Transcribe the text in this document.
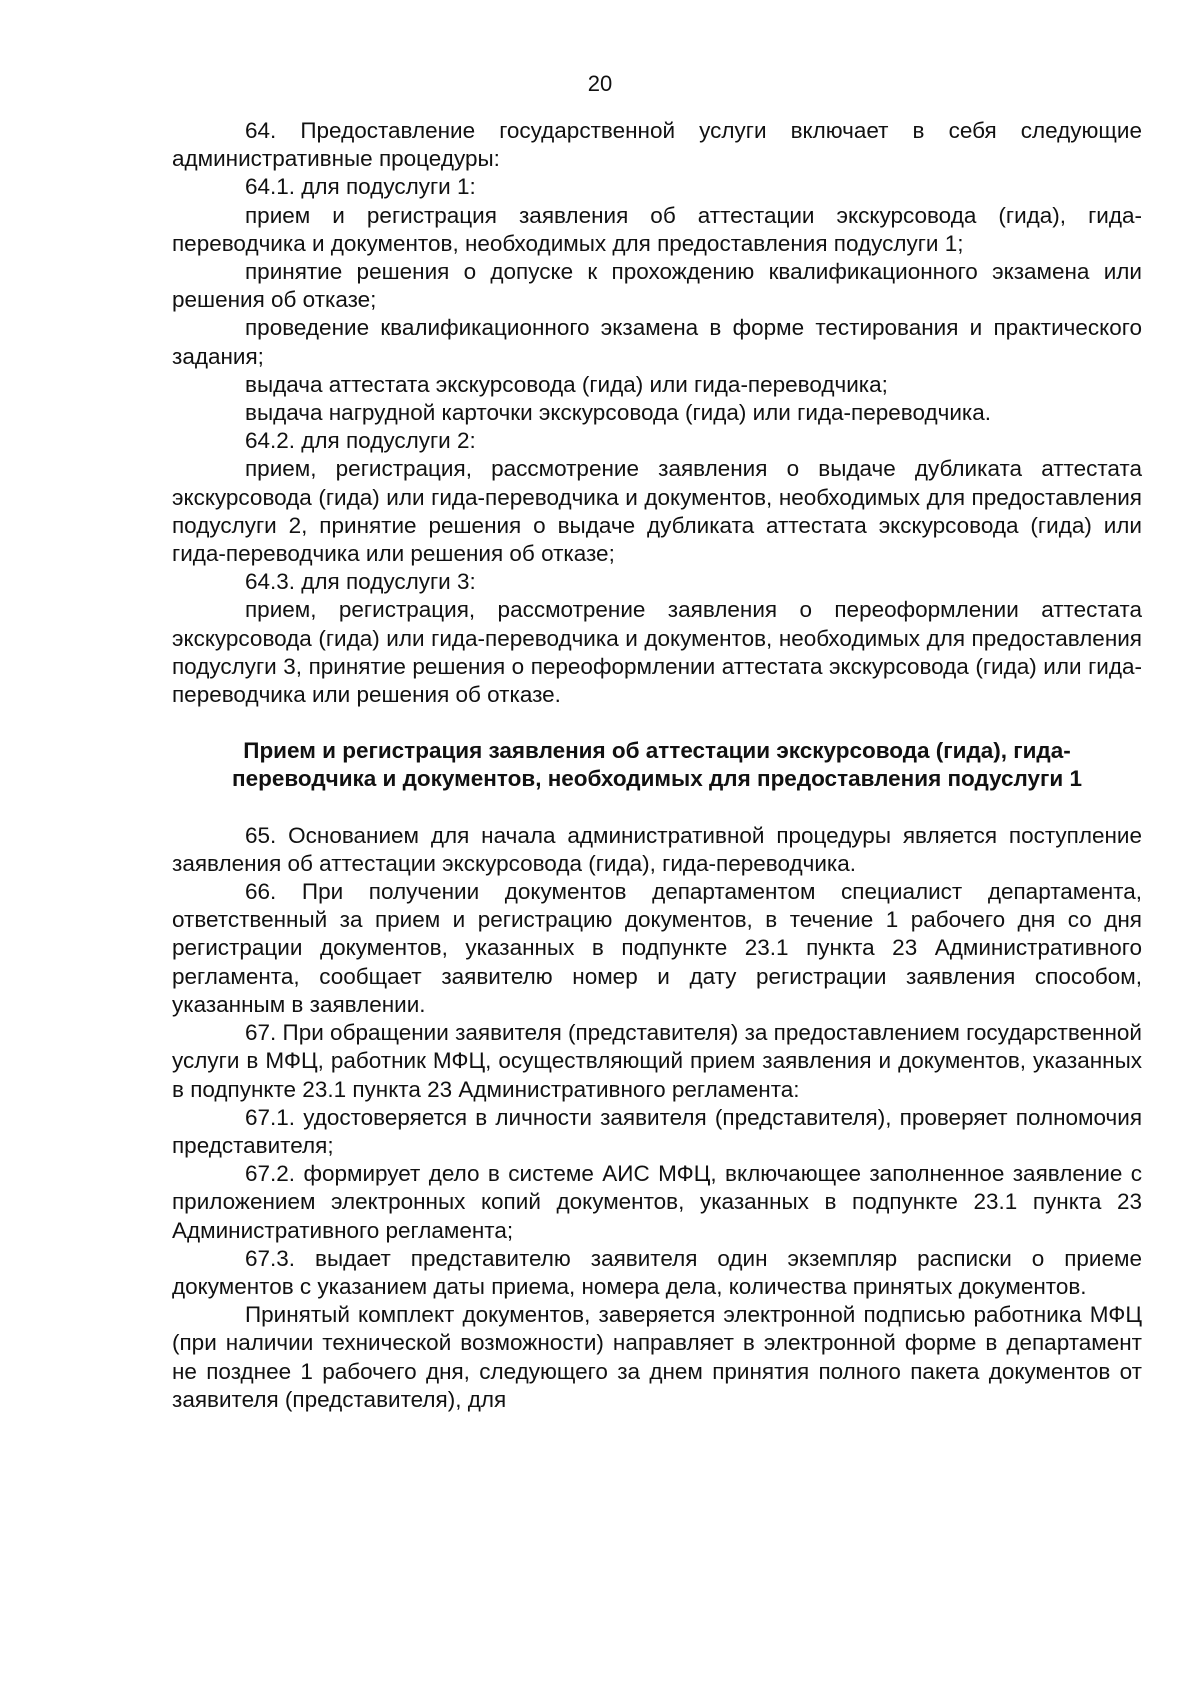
20

64. Предоставление государственной услуги включает в себя следующие административные процедуры:

64.1. для подуслуги 1:

прием и регистрация заявления об аттестации экскурсовода (гида), гида-переводчика и документов, необходимых для предоставления подуслуги 1;

принятие решения о допуске к прохождению квалификационного экзамена или решения об отказе;

проведение квалификационного экзамена в форме тестирования и практического задания;

выдача аттестата экскурсовода (гида) или гида-переводчика;

выдача нагрудной карточки экскурсовода (гида) или гида-переводчика.

64.2. для подуслуги 2:

прием, регистрация, рассмотрение заявления о выдаче дубликата аттестата экскурсовода (гида) или гида-переводчика и документов, необходимых для предоставления подуслуги 2, принятие решения о выдаче дубликата аттестата экскурсовода (гида) или гида-переводчика или решения об отказе;

64.3. для подуслуги 3:

прием, регистрация, рассмотрение заявления о переоформлении аттестата экскурсовода (гида) или гида-переводчика и документов, необходимых для предоставления подуслуги 3, принятие решения о переоформлении аттестата экскурсовода (гида) или гида-переводчика или решения об отказе.

Прием и регистрация заявления об аттестации экскурсовода (гида), гида-переводчика и документов, необходимых для предоставления подуслуги 1

65. Основанием для начала административной процедуры является поступление заявления об аттестации экскурсовода (гида), гида-переводчика.

66. При получении документов департаментом специалист департамента, ответственный за прием и регистрацию документов, в течение 1 рабочего дня со дня регистрации документов, указанных в подпункте 23.1 пункта 23 Административного регламента, сообщает заявителю номер и дату регистрации заявления способом, указанным в заявлении.

67. При обращении заявителя (представителя) за предоставлением государственной услуги в МФЦ, работник МФЦ, осуществляющий прием заявления и документов, указанных в подпункте 23.1 пункта 23 Административного регламента:

67.1. удостоверяется в личности заявителя (представителя), проверяет полномочия представителя;

67.2. формирует дело в системе АИС МФЦ, включающее заполненное заявление с приложением электронных копий документов, указанных в подпункте 23.1 пункта 23 Административного регламента;

67.3. выдает представителю заявителя один экземпляр расписки о приеме документов с указанием даты приема, номера дела, количества принятых документов.

Принятый комплект документов, заверяется электронной подписью работника МФЦ (при наличии технической возможности) направляет в электронной форме в департамент не позднее 1 рабочего дня, следующего за днем принятия полного пакета документов от заявителя (представителя), для
